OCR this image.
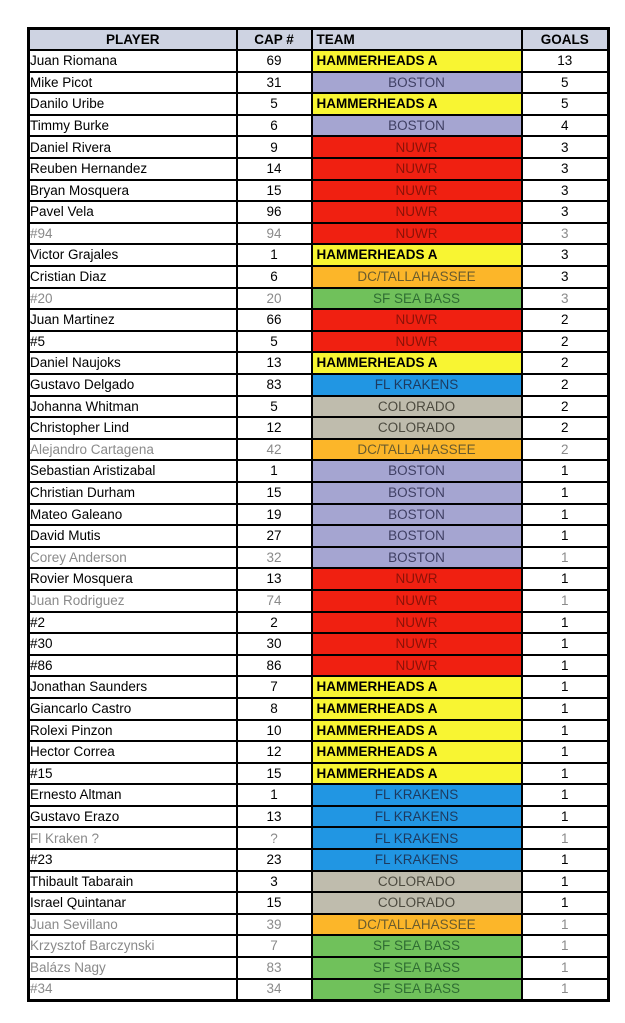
PLAYER	CAP #	TEAM	GOALS
Juan Riomana	69	HAMMERHEADS A	13
Mike Picot	31	BOSTON	5
Danilo Uribe	5	HAMMERHEADS A	5
Timmy Burke	6	BOSTON	4
Daniel Rivera	9	NUWR	3
Reuben Hernandez	14	NUWR	3
Bryan Mosquera	15	NUWR	3
Pavel Vela	96	NUWR	3
#94	94	NUWR	3
Victor Grajales	1	HAMMERHEADS A	3
Cristian Diaz	6	DC/TALLAHASSEE	3
#20	20	SF SEA BASS	3
Juan Martinez	66	NUWR	2
#5	5	NUWR	2
Daniel Naujoks	13	HAMMERHEADS A	2
Gustavo Delgado	83	FL KRAKENS	2
Johanna Whitman	5	COLORADO	2
Christopher Lind	12	COLORADO	2
Alejandro Cartagena	42	DC/TALLAHASSEE	2
Sebastian Aristizabal	1	BOSTON	1
Christian Durham	15	BOSTON	1
Mateo Galeano	19	BOSTON	1
David Mutis	27	BOSTON	1
Corey Anderson	32	BOSTON	1
Rovier Mosquera	13	NUWR	1
Juan Rodriguez	74	NUWR	1
#2	2	NUWR	1
#30	30	NUWR	1
#86	86	NUWR	1
Jonathan Saunders	7	HAMMERHEADS A	1
Giancarlo Castro	8	HAMMERHEADS A	1
Rolexi Pinzon	10	HAMMERHEADS A	1
Hector Correa	12	HAMMERHEADS A	1
#15	15	HAMMERHEADS A	1
Ernesto Altman	1	FL KRAKENS	1
Gustavo Erazo	13	FL KRAKENS	1
Fl Kraken ?	?	FL KRAKENS	1
#23	23	FL KRAKENS	1
Thibault Tabarain	3	COLORADO	1
Israel Quintanar	15	COLORADO	1
Juan Sevillano	39	DC/TALLAHASSEE	1
Krzysztof Barczynski	7	SF SEA BASS	1
Balázs Nagy	83	SF SEA BASS	1
#34	34	SF SEA BASS	1
